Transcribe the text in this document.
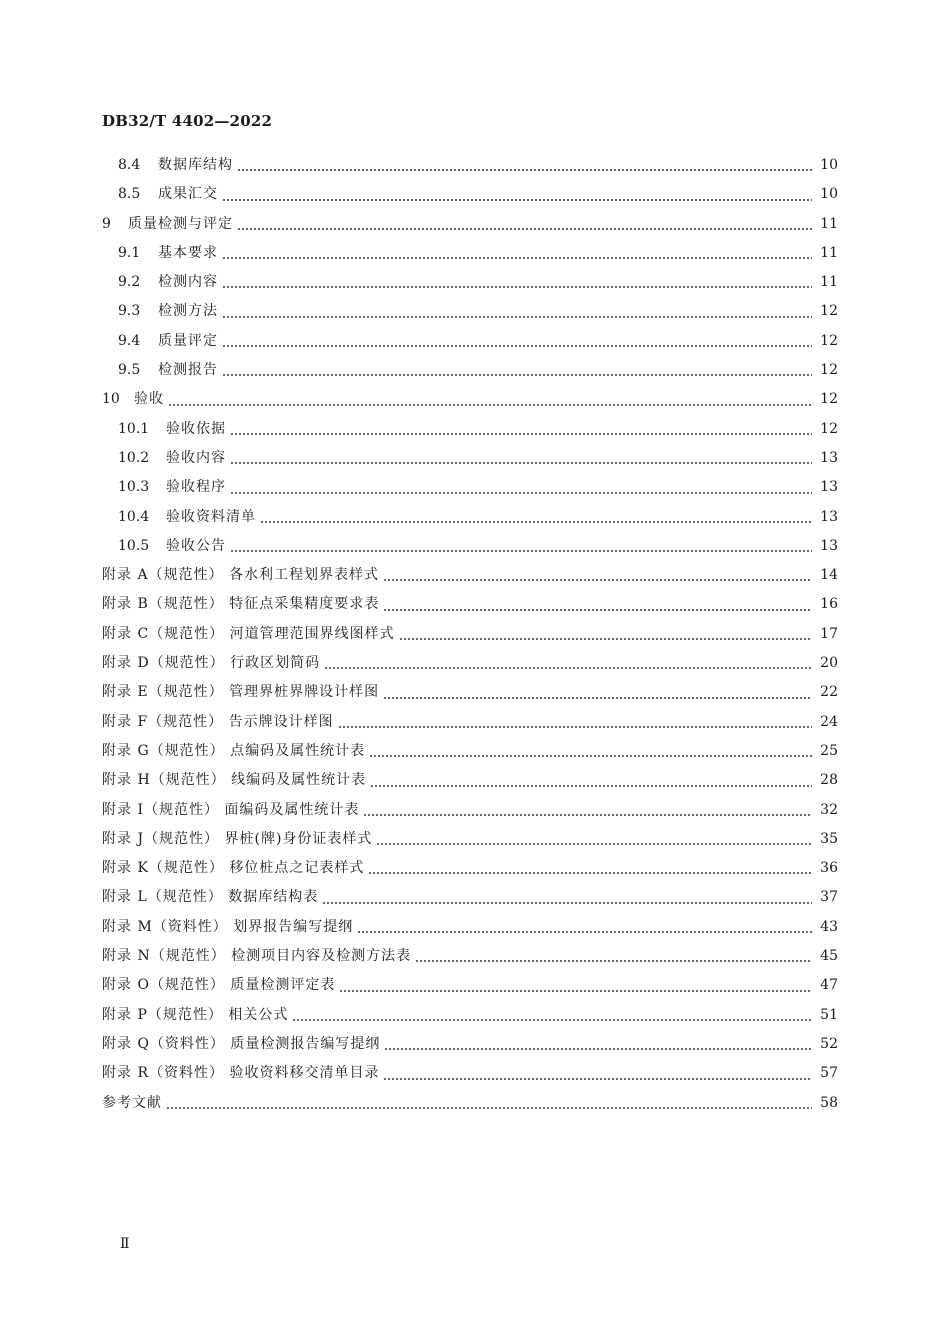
DB32/T 4402—2022
8.4	数据库结构	10
8.5	成果汇交	10
9	质量检测与评定	11
9.1	基本要求	11
9.2	检测内容	11
9.3	检测方法	12
9.4	质量评定	12
9.5	检测报告	12
10	验收	12
10.1	验收依据	12
10.2	验收内容	13
10.3	验收程序	13
10.4	验收资料清单	13
10.5	验收公告	13
附录 A（规范性） 各水利工程划界表样式	14
附录 B（规范性） 特征点采集精度要求表	16
附录 C（规范性） 河道管理范围界线图样式	17
附录 D（规范性） 行政区划简码	20
附录 E（规范性） 管理界桩界牌设计样图	22
附录 F（规范性） 告示牌设计样图	24
附录 G（规范性） 点编码及属性统计表	25
附录 H（规范性） 线编码及属性统计表	28
附录 I（规范性） 面编码及属性统计表	32
附录 J（规范性） 界桩(牌)身份证表样式	35
附录 K（规范性） 移位桩点之记表样式	36
附录 L（规范性） 数据库结构表	37
附录 M（资料性） 划界报告编写提纲	43
附录 N（规范性） 检测项目内容及检测方法表	45
附录 O（规范性） 质量检测评定表	47
附录 P（规范性） 相关公式	51
附录 Q（资料性） 质量检测报告编写提纲	52
附录 R（资料性） 验收资料移交清单目录	57
参考文献	58
Ⅱ
